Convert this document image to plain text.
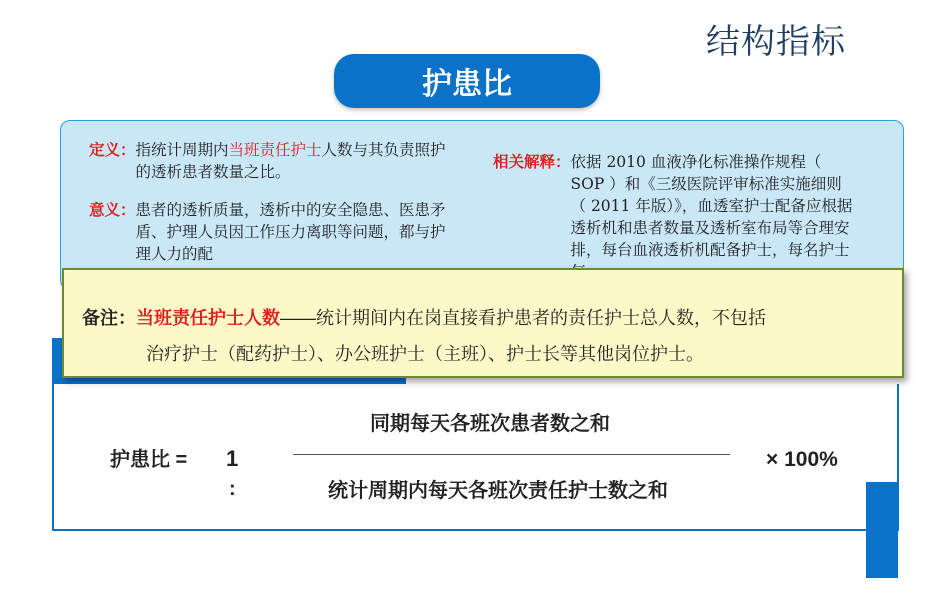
结构指标
护患比
定义： 指统计周期内当班责任护士人数与其负责照护的透析患者数量之比。
意义： 患者的透析质量，透析中的安全隐患、医患矛盾、护理人员因工作压力离职等问题，都与护理人力的配
相关解释： 依据 2010 血液净化标准操作规程（ SOP ）和《三级医院评审标准实施细则（ 2011 年版）》，血透室护士配备应根据透析机和患者数量及透析室布局等合理安排，每台血液透析机配备护士，每名护士
备注：当班责任护士人数——统计期间内在岗直接看护患者的责任护士总人数，不包括
治疗护士（配药护士）、办公班护士（主班）、护士长等其他岗位护士。
护患比 = 1
:
同期每天各班次患者数之和
统计周期内每天各班次责任护士数之和
× 100%
